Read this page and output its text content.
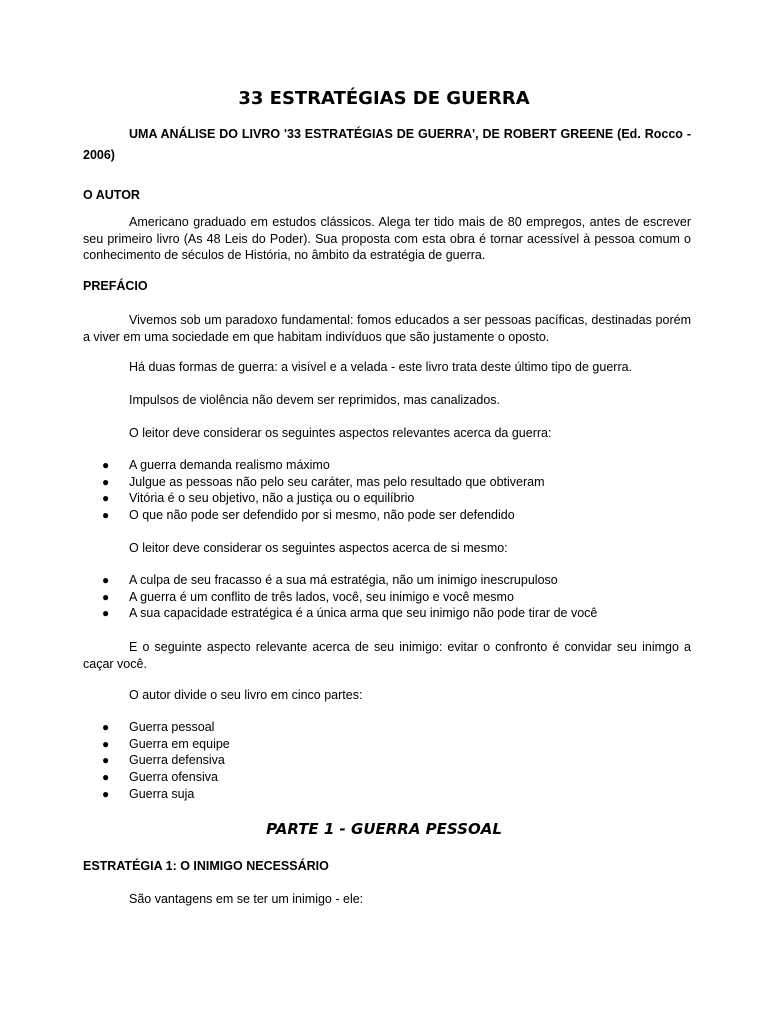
33 ESTRATÉGIAS DE GUERRA
UMA ANÁLISE DO LIVRO '33 ESTRATÉGIAS DE GUERRA', DE ROBERT GREENE (Ed. Rocco - 2006)
O AUTOR
Americano graduado em estudos clássicos. Alega ter tido mais de 80 empregos, antes de escrever seu primeiro livro (As 48 Leis do Poder). Sua proposta com esta obra é tornar acessível à pessoa comum o conhecimento de séculos de História, no âmbito da estratégia de guerra.
PREFÁCIO
Vivemos sob um paradoxo fundamental: fomos educados a ser pessoas pacíficas, destinadas porém a viver em uma sociedade em que habitam indivíduos que são justamente o oposto.
Há duas formas de guerra: a visível e a velada - este livro trata deste último tipo de guerra.
Impulsos de violência não devem ser reprimidos, mas canalizados.
O leitor deve considerar os seguintes aspectos relevantes acerca da guerra:
● A guerra demanda realismo máximo
● Julgue as pessoas não pelo seu caráter, mas pelo resultado que obtiveram
● Vitória é o seu objetivo, não a justiça ou o equilíbrio
● O que não pode ser defendido por si mesmo, não pode ser defendido
O leitor deve considerar os seguintes aspectos acerca de si mesmo:
● A culpa de seu fracasso é a sua má estratégia, não um inimigo inescrupuloso
● A guerra é um conflito de três lados, você, seu inimigo e você mesmo
● A sua capacidade estratégica é a única arma que seu inimigo não pode tirar de você
E o seguinte aspecto relevante acerca de seu inimigo: evitar o confronto é convidar seu inimgo a caçar você.
O autor divide o seu livro em cinco partes:
● Guerra pessoal
● Guerra em equipe
● Guerra defensiva
● Guerra ofensiva
● Guerra suja
PARTE 1 - GUERRA PESSOAL
ESTRATÉGIA 1: O INIMIGO NECESSÁRIO
São vantagens em se ter um inimigo - ele:
